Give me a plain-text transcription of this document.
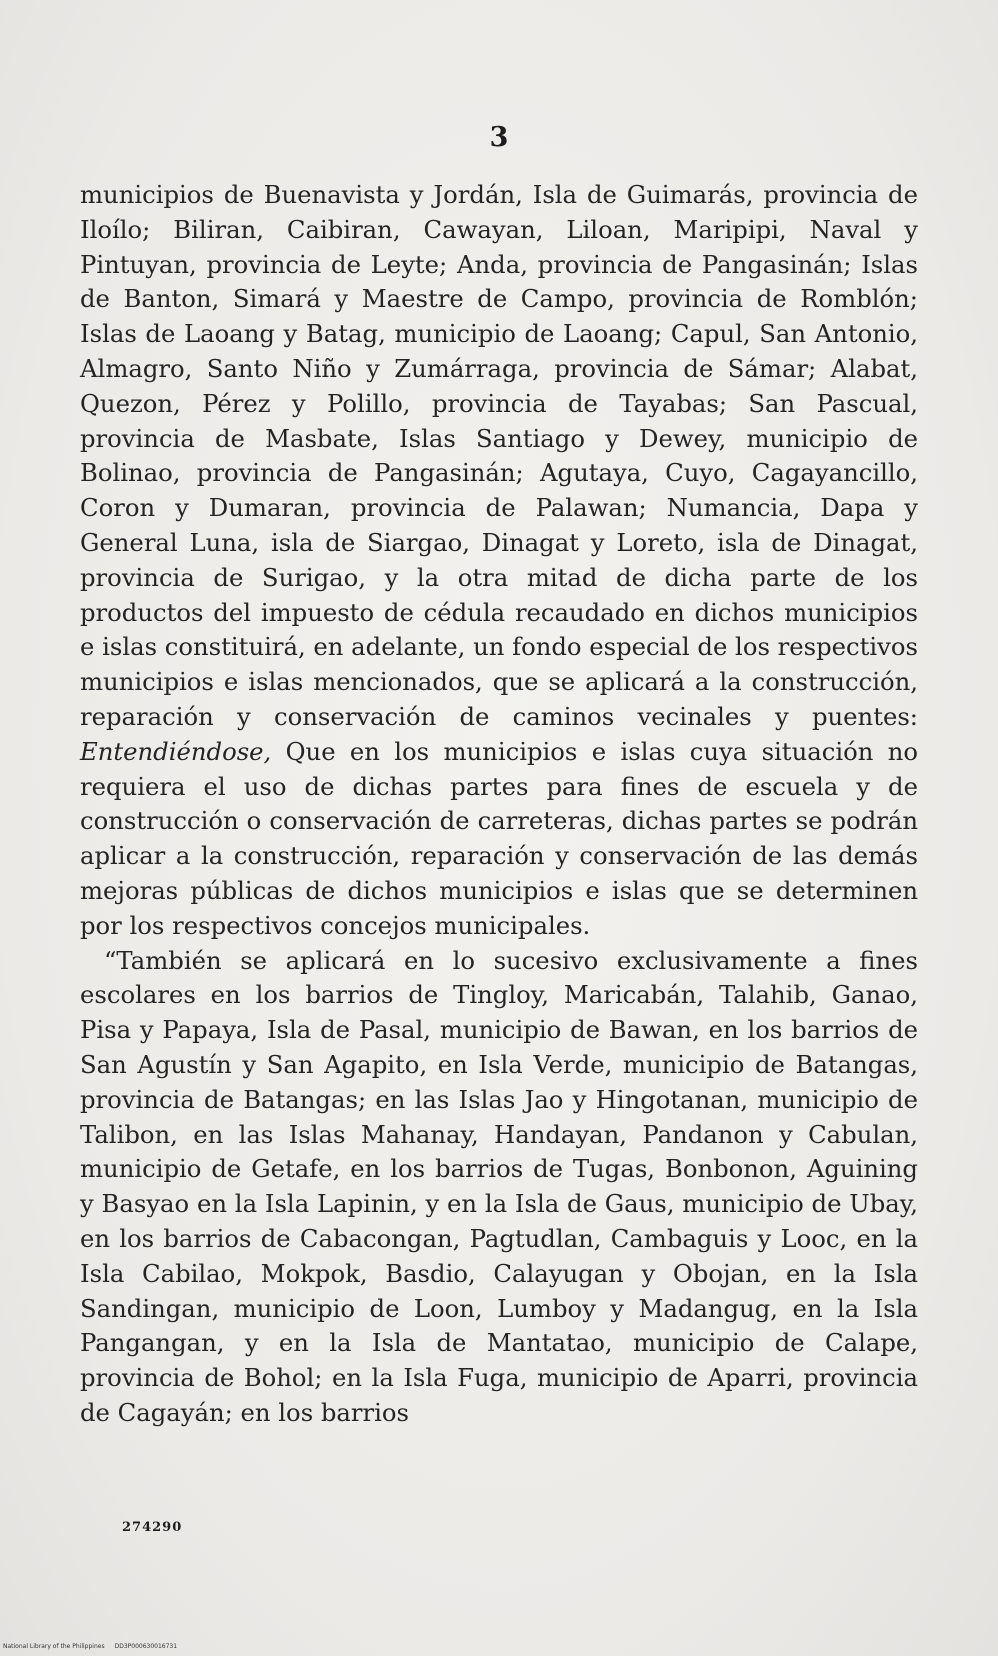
3

municipios de Buenavista y Jordán, Isla de Guimarás, provincia de Iloílo; Biliran, Caibiran, Cawayan, Liloan, Maripipi, Naval y Pintuyan, provincia de Leyte; Anda, provincia de Pangasinán; Islas de Banton, Simará y Maestre de Campo, provincia de Romblón; Islas de Laoang y Batag, municipio de Laoang; Capul, San Antonio, Almagro, Santo Niño y Zumárraga, provincia de Sámar; Alabat, Quezon, Pérez y Polillo, provincia de Tayabas; San Pascual, provincia de Masbate, Islas Santiago y Dewey, municipio de Bolinao, provincia de Pangasinán; Agutaya, Cuyo, Cagayancillo, Coron y Dumaran, provincia de Palawan; Numancia, Dapa y General Luna, isla de Siargao, Dinagat y Loreto, isla de Dinagat, provincia de Surigao, y la otra mitad de dicha parte de los productos del impuesto de cédula recaudado en dichos municipios e islas constituirá, en adelante, un fondo especial de los respectivos municipios e islas mencionados, que se aplicará a la construcción, reparación y conservación de caminos vecinales y puentes: Entendiéndose, Que en los municipios e islas cuya situación no requiera el uso de dichas partes para fines de escuela y de construcción o conservación de carreteras, dichas partes se podrán aplicar a la construcción, reparación y conservación de las demás mejoras públicas de dichos municipios e islas que se determinen por los respectivos concejos municipales.

“También se aplicará en lo sucesivo exclusivamente a fines escolares en los barrios de Tingloy, Maricabán, Talahib, Ganao, Pisa y Papaya, Isla de Pasal, municipio de Bawan, en los barrios de San Agustín y San Agapito, en Isla Verde, municipio de Batangas, provincia de Batangas; en las Islas Jao y Hingotanan, municipio de Talibon, en las Islas Mahanay, Handayan, Pandanon y Cabulan, municipio de Getafe, en los barrios de Tugas, Bonbonon, Aguining y Basyao en la Isla Lapinin, y en la Isla de Gaus, municipio de Ubay, en los barrios de Cabacongan, Pagtudlan, Cambaguis y Looc, en la Isla Cabilao, Mokpok, Basdio, Calayugan y Obojan, en la Isla Sandingan, municipio de Loon, Lumboy y Madangug, en la Isla Pangangan, y en la Isla de Mantatao, municipio de Calape, provincia de Bohol; en la Isla Fuga, municipio de Aparri, provincia de Cagayán; en los barrios

274290

National Library of the Philippines DD3P000630016731
